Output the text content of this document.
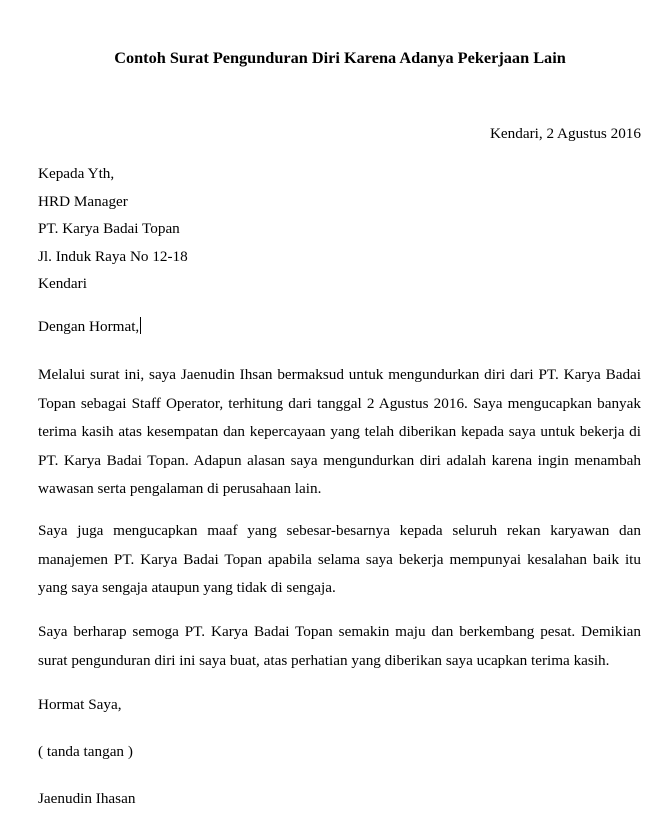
Contoh Surat Pengunduran Diri Karena Adanya Pekerjaan Lain
Kendari, 2 Agustus 2016
Kepada Yth,
HRD Manager
PT. Karya Badai Topan
Jl. Induk Raya No 12-18
Kendari
Dengan Hormat,
Melalui surat ini, saya Jaenudin Ihsan bermaksud untuk mengundurkan diri dari PT. Karya Badai Topan sebagai Staff Operator, terhitung dari tanggal 2 Agustus 2016. Saya mengucapkan banyak terima kasih atas kesempatan dan kepercayaan yang telah diberikan kepada saya untuk bekerja di PT. Karya Badai Topan. Adapun alasan saya mengundurkan diri adalah karena ingin menambah wawasan serta pengalaman di perusahaan lain.
Saya juga mengucapkan maaf yang sebesar-besarnya kepada seluruh rekan karyawan dan manajemen PT. Karya Badai Topan apabila selama saya bekerja mempunyai kesalahan baik itu yang saya sengaja ataupun yang tidak di sengaja.
Saya berharap semoga PT. Karya Badai Topan semakin maju dan berkembang pesat. Demikian surat pengunduran diri ini saya buat, atas perhatian yang diberikan saya ucapkan terima kasih.
Hormat Saya,
( tanda tangan )
Jaenudin Ihasan
